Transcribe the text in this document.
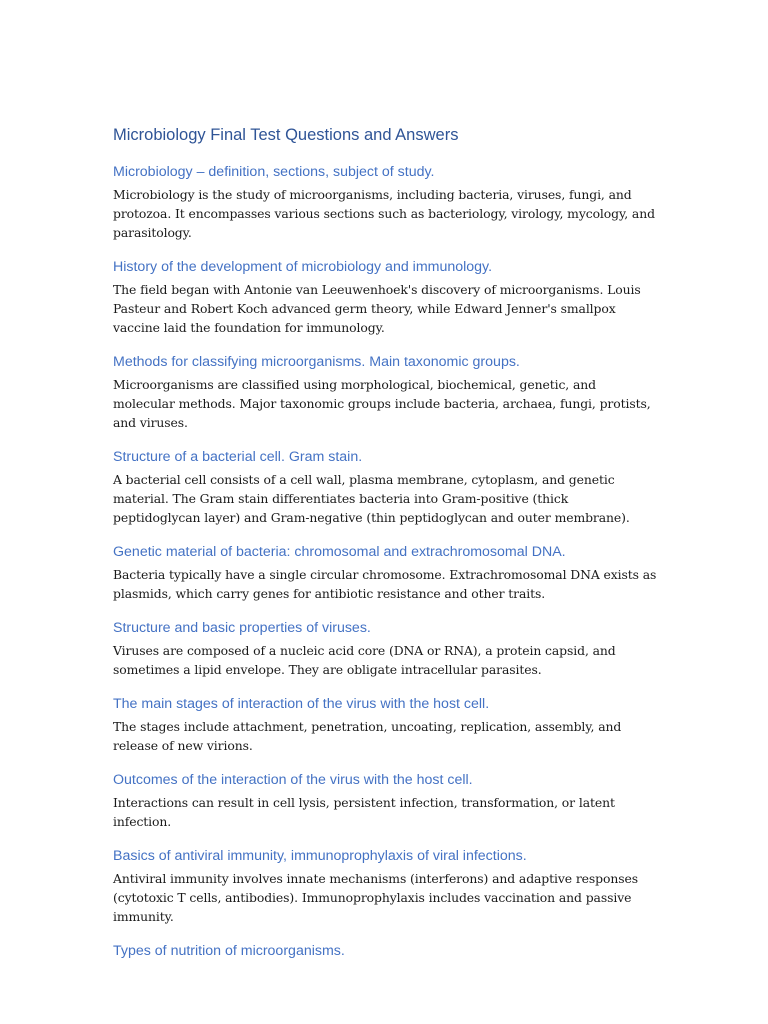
Microbiology Final Test Questions and Answers
Microbiology – definition, sections, subject of study.

Microbiology is the study of microorganisms, including bacteria, viruses, fungi, and protozoa. It encompasses various sections such as bacteriology, virology, mycology, and parasitology.

History of the development of microbiology and immunology.

The field began with Antonie van Leeuwenhoek's discovery of microorganisms. Louis Pasteur and Robert Koch advanced germ theory, while Edward Jenner's smallpox vaccine laid the foundation for immunology.

Methods for classifying microorganisms. Main taxonomic groups.

Microorganisms are classified using morphological, biochemical, genetic, and molecular methods. Major taxonomic groups include bacteria, archaea, fungi, protists, and viruses.

Structure of a bacterial cell. Gram stain.

A bacterial cell consists of a cell wall, plasma membrane, cytoplasm, and genetic material. The Gram stain differentiates bacteria into Gram-positive (thick peptidoglycan layer) and Gram-negative (thin peptidoglycan and outer membrane).

Genetic material of bacteria: chromosomal and extrachromosomal DNA.

Bacteria typically have a single circular chromosome. Extrachromosomal DNA exists as plasmids, which carry genes for antibiotic resistance and other traits.

Structure and basic properties of viruses.

Viruses are composed of a nucleic acid core (DNA or RNA), a protein capsid, and sometimes a lipid envelope. They are obligate intracellular parasites.

The main stages of interaction of the virus with the host cell.

The stages include attachment, penetration, uncoating, replication, assembly, and release of new virions.

Outcomes of the interaction of the virus with the host cell.

Interactions can result in cell lysis, persistent infection, transformation, or latent infection.

Basics of antiviral immunity, immunoprophylaxis of viral infections.

Antiviral immunity involves innate mechanisms (interferons) and adaptive responses (cytotoxic T cells, antibodies). Immunoprophylaxis includes vaccination and passive immunity.

Types of nutrition of microorganisms.
